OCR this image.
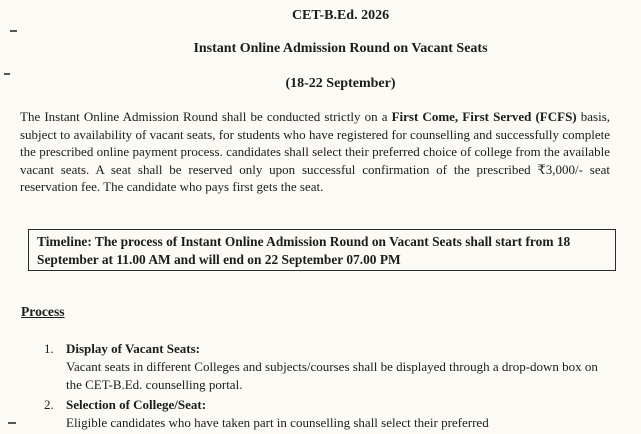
CET-B.Ed. 2026

Instant Online Admission Round on Vacant Seats

(18-22 September)

The Instant Online Admission Round shall be conducted strictly on a First Come, First Served (FCFS) basis, subject to availability of vacant seats, for students who have registered for counselling and successfully complete the prescribed online payment process. candidates shall select their preferred choice of college from the available vacant seats. A seat shall be reserved only upon successful confirmation of the prescribed ₹3,000/- seat reservation fee. The candidate who pays first gets the seat.

Timeline: The process of Instant Online Admission Round on Vacant Seats shall start from 18 September at 11.00 AM and will end on 22 September 07.00 PM

Process

1. Display of Vacant Seats:
Vacant seats in different Colleges and subjects/courses shall be displayed through a drop-down box on the CET-B.Ed. counselling portal.
2. Selection of College/Seat:
Eligible candidates who have taken part in counselling shall select their preferred
